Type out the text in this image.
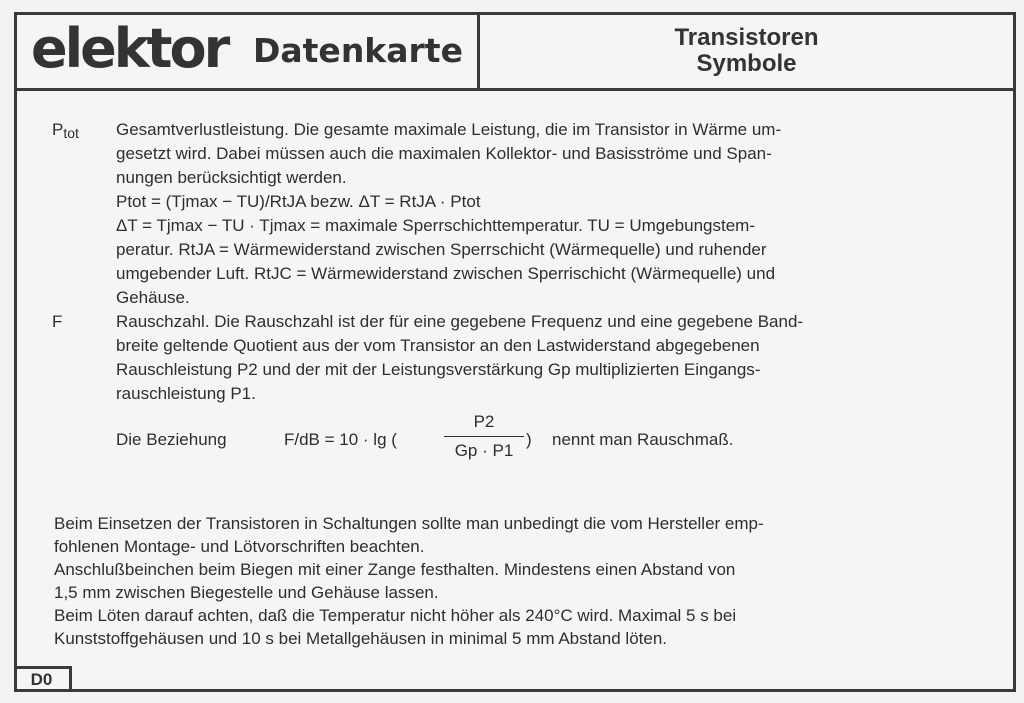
elektor Datenkarte	Transistoren
Symbole
$P_{tot}$	Gesamtverlustleistung. Die gesamte maximale Leistung, die im Transistor in Wärme um-

gesetzt wird. Dabei müssen auch die maximalen Kollektor- und Basisströme und Span-

nungen berücksichtigt werden.

Ptot = (Tjmax − TU)/RtJA bezw. ΔT = RtJA · Ptot

ΔT = Tjmax − TU · Tjmax = maximale Sperrschichttemperatur. TU = Umgebungstem-

peratur. RtJA = Wärmewiderstand zwischen Sperrschicht (Wärmequelle) und ruhender

umgebender Luft. RtJC = Wärmewiderstand zwischen Sperrischicht (Wärmequelle) und

Gehäuse.

F	Rauschzahl. Die Rauschzahl ist der für eine gegebene Frequenz und eine gegebene Band-

breite geltende Quotient aus der vom Transistor an den Lastwiderstand abgegebenen

Rauschleistung P2 und der mit der Leistungsverstärkung Gp multiplizierten Eingangs-

rauschleistung P1.

Die Beziehung	F/dB = 10 · lg (	$\frac{P2}{Gp \cdot P1}$ ) nennt man Rauschmaß.

Beim Einsetzen der Transistoren in Schaltungen sollte man unbedingt die vom Hersteller emp-

fohlenen Montage- und Lötvorschriften beachten.

Anschlußbeinchen beim Biegen mit einer Zange festhalten. Mindestens einen Abstand von

1,5 mm zwischen Biegestelle und Gehäuse lassen.

Beim Löten darauf achten, daß die Temperatur nicht höher als 240°C wird. Maximal 5 s bei

Kunststoffgehäusen und 10 s bei Metallgehäusen in minimal 5 mm Abstand löten.

D0
